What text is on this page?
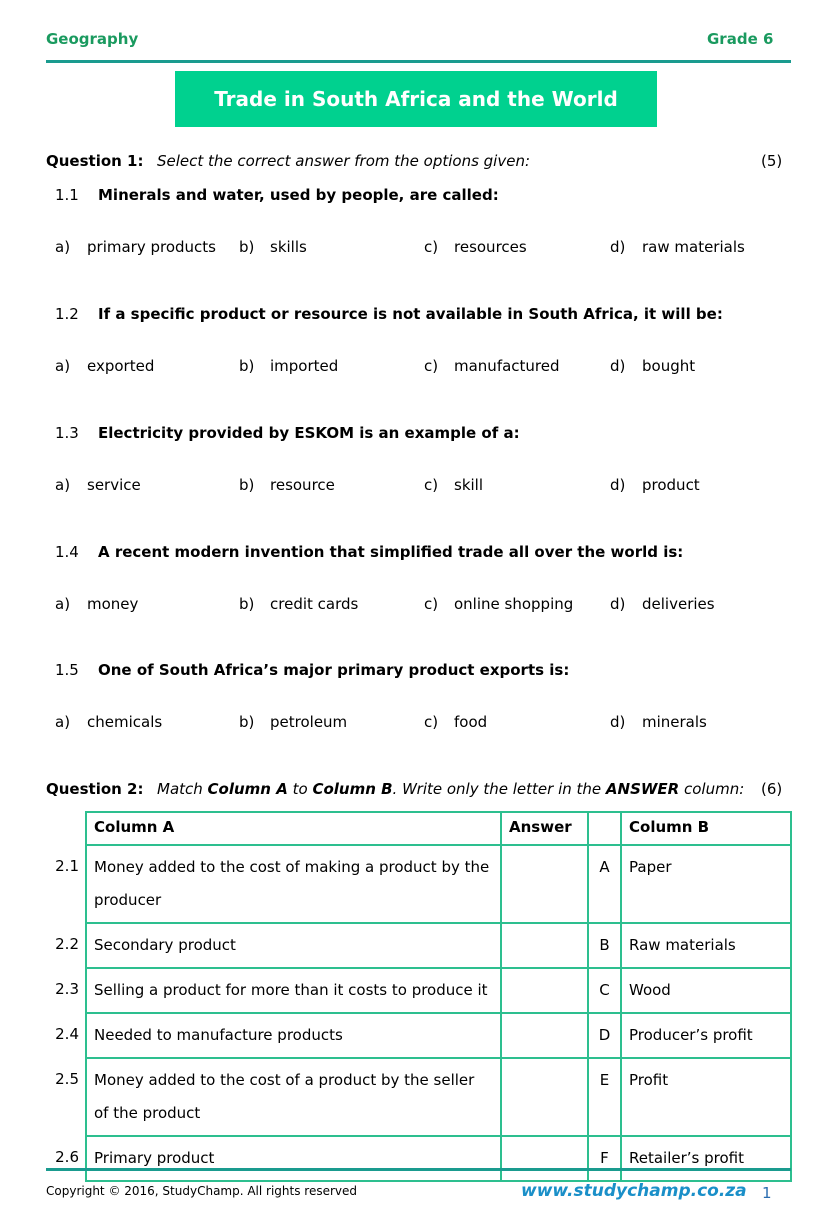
Geography	Grade 6
Trade in South Africa and the World
Question 1: Select the correct answer from the options given:	(5)
1.1 Minerals and water, used by people, are called:
a) primary products b) skills	c) resources	d) raw materials
1.2 If a specific product or resource is not available in South Africa, it will be:
a) exported	b) imported	c) manufactured	d) bought
1.3 Electricity provided by ESKOM is an example of a:
a) service	b) resource	c) skill	d) product
1.4 A recent modern invention that simplified trade all over the world is:
a) money	b) credit cards	c) online shopping d) deliveries
1.5 One of South Africa’s major primary product exports is:
a) chemicals	b) petroleum	c) food	d) minerals
Question 2: Match Column A to Column B. Write only the letter in the ANSWER column: (6)
	Column A	Answer		Column B
2.1	Money added to the cost of making a product by the producer		A	Paper
2.2	Secondary product		B	Raw materials
2.3	Selling a product for more than it costs to produce it		C	Wood
2.4	Needed to manufacture products		D	Producer’s profit
2.5	Money added to the cost of a product by the seller of the product		E	Profit
2.6	Primary product		F	Retailer’s profit
Copyright © 2016, StudyChamp. All rights reserved	www.studychamp.co.za 1
